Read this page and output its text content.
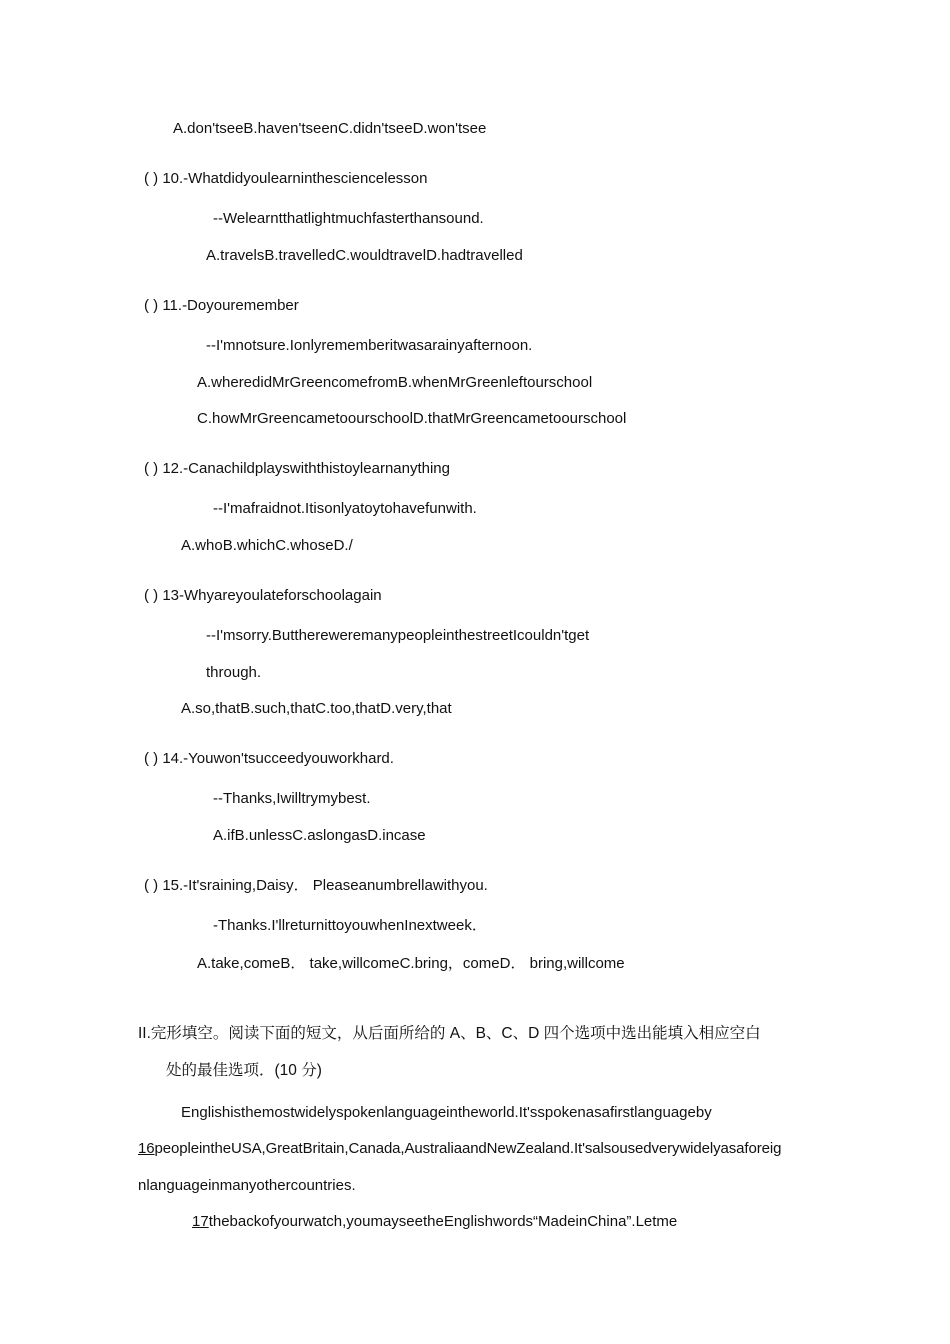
A.don'tseeB.haven'tseenC.didn'tseeD.won'tsee
( ) 10.-Whatdidyoulearninthesciencelesson
--Welearntthatlightmuchfasterthansound.
A.travelsB.travelledC.wouldtravelD.hadtravelled
( ) 11.-Doyouremember
--I'mnotsure.Ionlyrememberitwasarainyafternoon.
A.wheredidMrGreencomefromB.whenMrGreenleftourschool
C.howMrGreencametoourschoolD.thatMrGreencametoourschool
( ) 12.-Canachildplayswiththistoylearnanything
--I'mafraidnot.Itisonlyatoytohavefunwith.
A.whoB.whichC.whoseD./
( ) 13-Whyareyoulateforschoolagain
--I'msorry.ButthereweremanypeopleinthestreetIcouldn'tget
through.
A.so,thatB.such,thatC.too,thatD.very,that
( ) 14.-Youwon'tsucceedyouworkhard.
--Thanks,Iwilltrymybest.
A.ifB.unlessC.aslongasD.incase
( ) 15.-It'sraining,Daisy． Pleaseanumbrellawithyou.
-Thanks.I'llreturnittoyouwhenInextweek．
A.take,comeB． take,willcomeC.bring，comeD． bring,willcome
II.完形填空。阅读下面的短文，从后面所给的 A、B、C、D 四个选项中选出能填入相应空白
处的最佳选项．(10 分)
Englishisthemostwidelyspokenlanguageintheworld.It'sspokenasafirstlanguageby
16peopleintheUSA,GreatBritain,Canada,AustraliaandNewZealand.It'salsousedverywidelyasaforeig
nlanguageinmanyothercountries.
17thebackofyourwatch,youmayseetheEnglishwords“MadeinChina”.Letme
